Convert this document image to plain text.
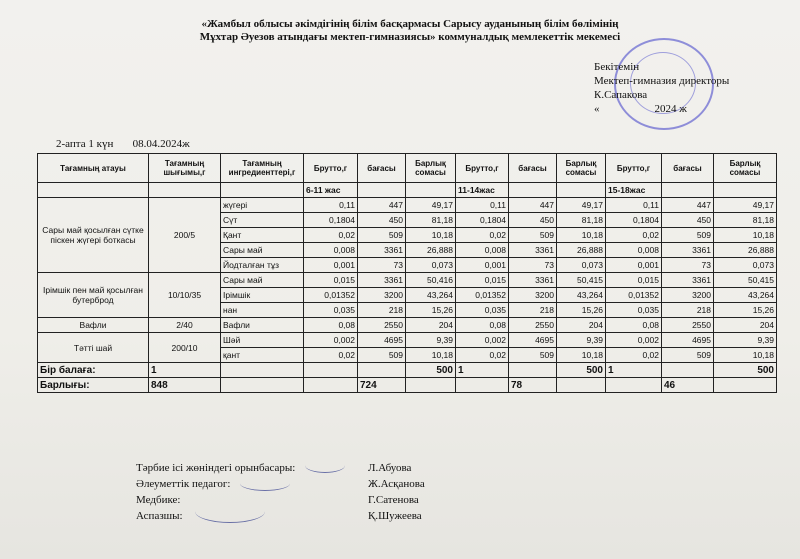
«Жамбыл облысы әкімдігінің білім басқармасы Сарысу ауданының білім бөлімінің
Мұхтар Әуезов атындағы мектеп-гимназиясы» коммуналдық мемлекеттік мекемесі
Бекітемін
Мектеп-гимназия директоры
К.Сапакова
«	2024 ж
2-апта 1 күн 08.04.2024ж
Тағамның атауы	Тағамның шығымы,г	Тағамның ингредиенттері,г	Брутто,г	бағасы	Барлық сомасы	Брутто,г	бағасы	Барлық сомасы	Брутто,г	бағасы	Барлық сомасы
			6-11 жас			11-14жас			15-18жас		
Сары май қосылған сүтке піскен жүгері боткасы	200/5	жүгері	0,11	447	49,17	0,11	447	49,17	0,11	447	49,17
		Сүт	0,1804	450	81,18	0,1804	450	81,18	0,1804	450	81,18
		Қант	0,02	509	10,18	0,02	509	10,18	0,02	509	10,18
		Сары май	0,008	3361	26,888	0,008	3361	26,888	0,008	3361	26,888
		Йодталған тұз	0,001	73	0,073	0,001	73	0,073	0,001	73	0,073
Ірімшік пен май қосылған бутерброд	10/10/35	Сары май	0,015	3361	50,416	0,015	3361	50,415	0,015	3361	50,415
		Ірімшік	0,01352	3200	43,264	0,01352	3200	43,264	0,01352	3200	43,264
		нан	0,035	218	15,26	0,035	218	15,26	0,035	218	15,26
Вафли	2/40	Вафли	0,08	2550	204	0,08	2550	204	0,08	2550	204
Тәтті шай	200/10	Шәй	0,002	4695	9,39	0,002	4695	9,39	0,002	4695	9,39
		қант	0,02	509	10,18	0,02	509	10,18	0,02	509	10,18
Бір балаға:	1				500	1		500	1		500
Барлығы:	848			724			78			46	
Тәрбие ісі жөніндегі орынбасары:
Әлеуметтік педагог:
Медбике:
Аспазшы:
Л.Абуова
Ж.Асқанова
Г.Сатенова
Қ.Шужеева
